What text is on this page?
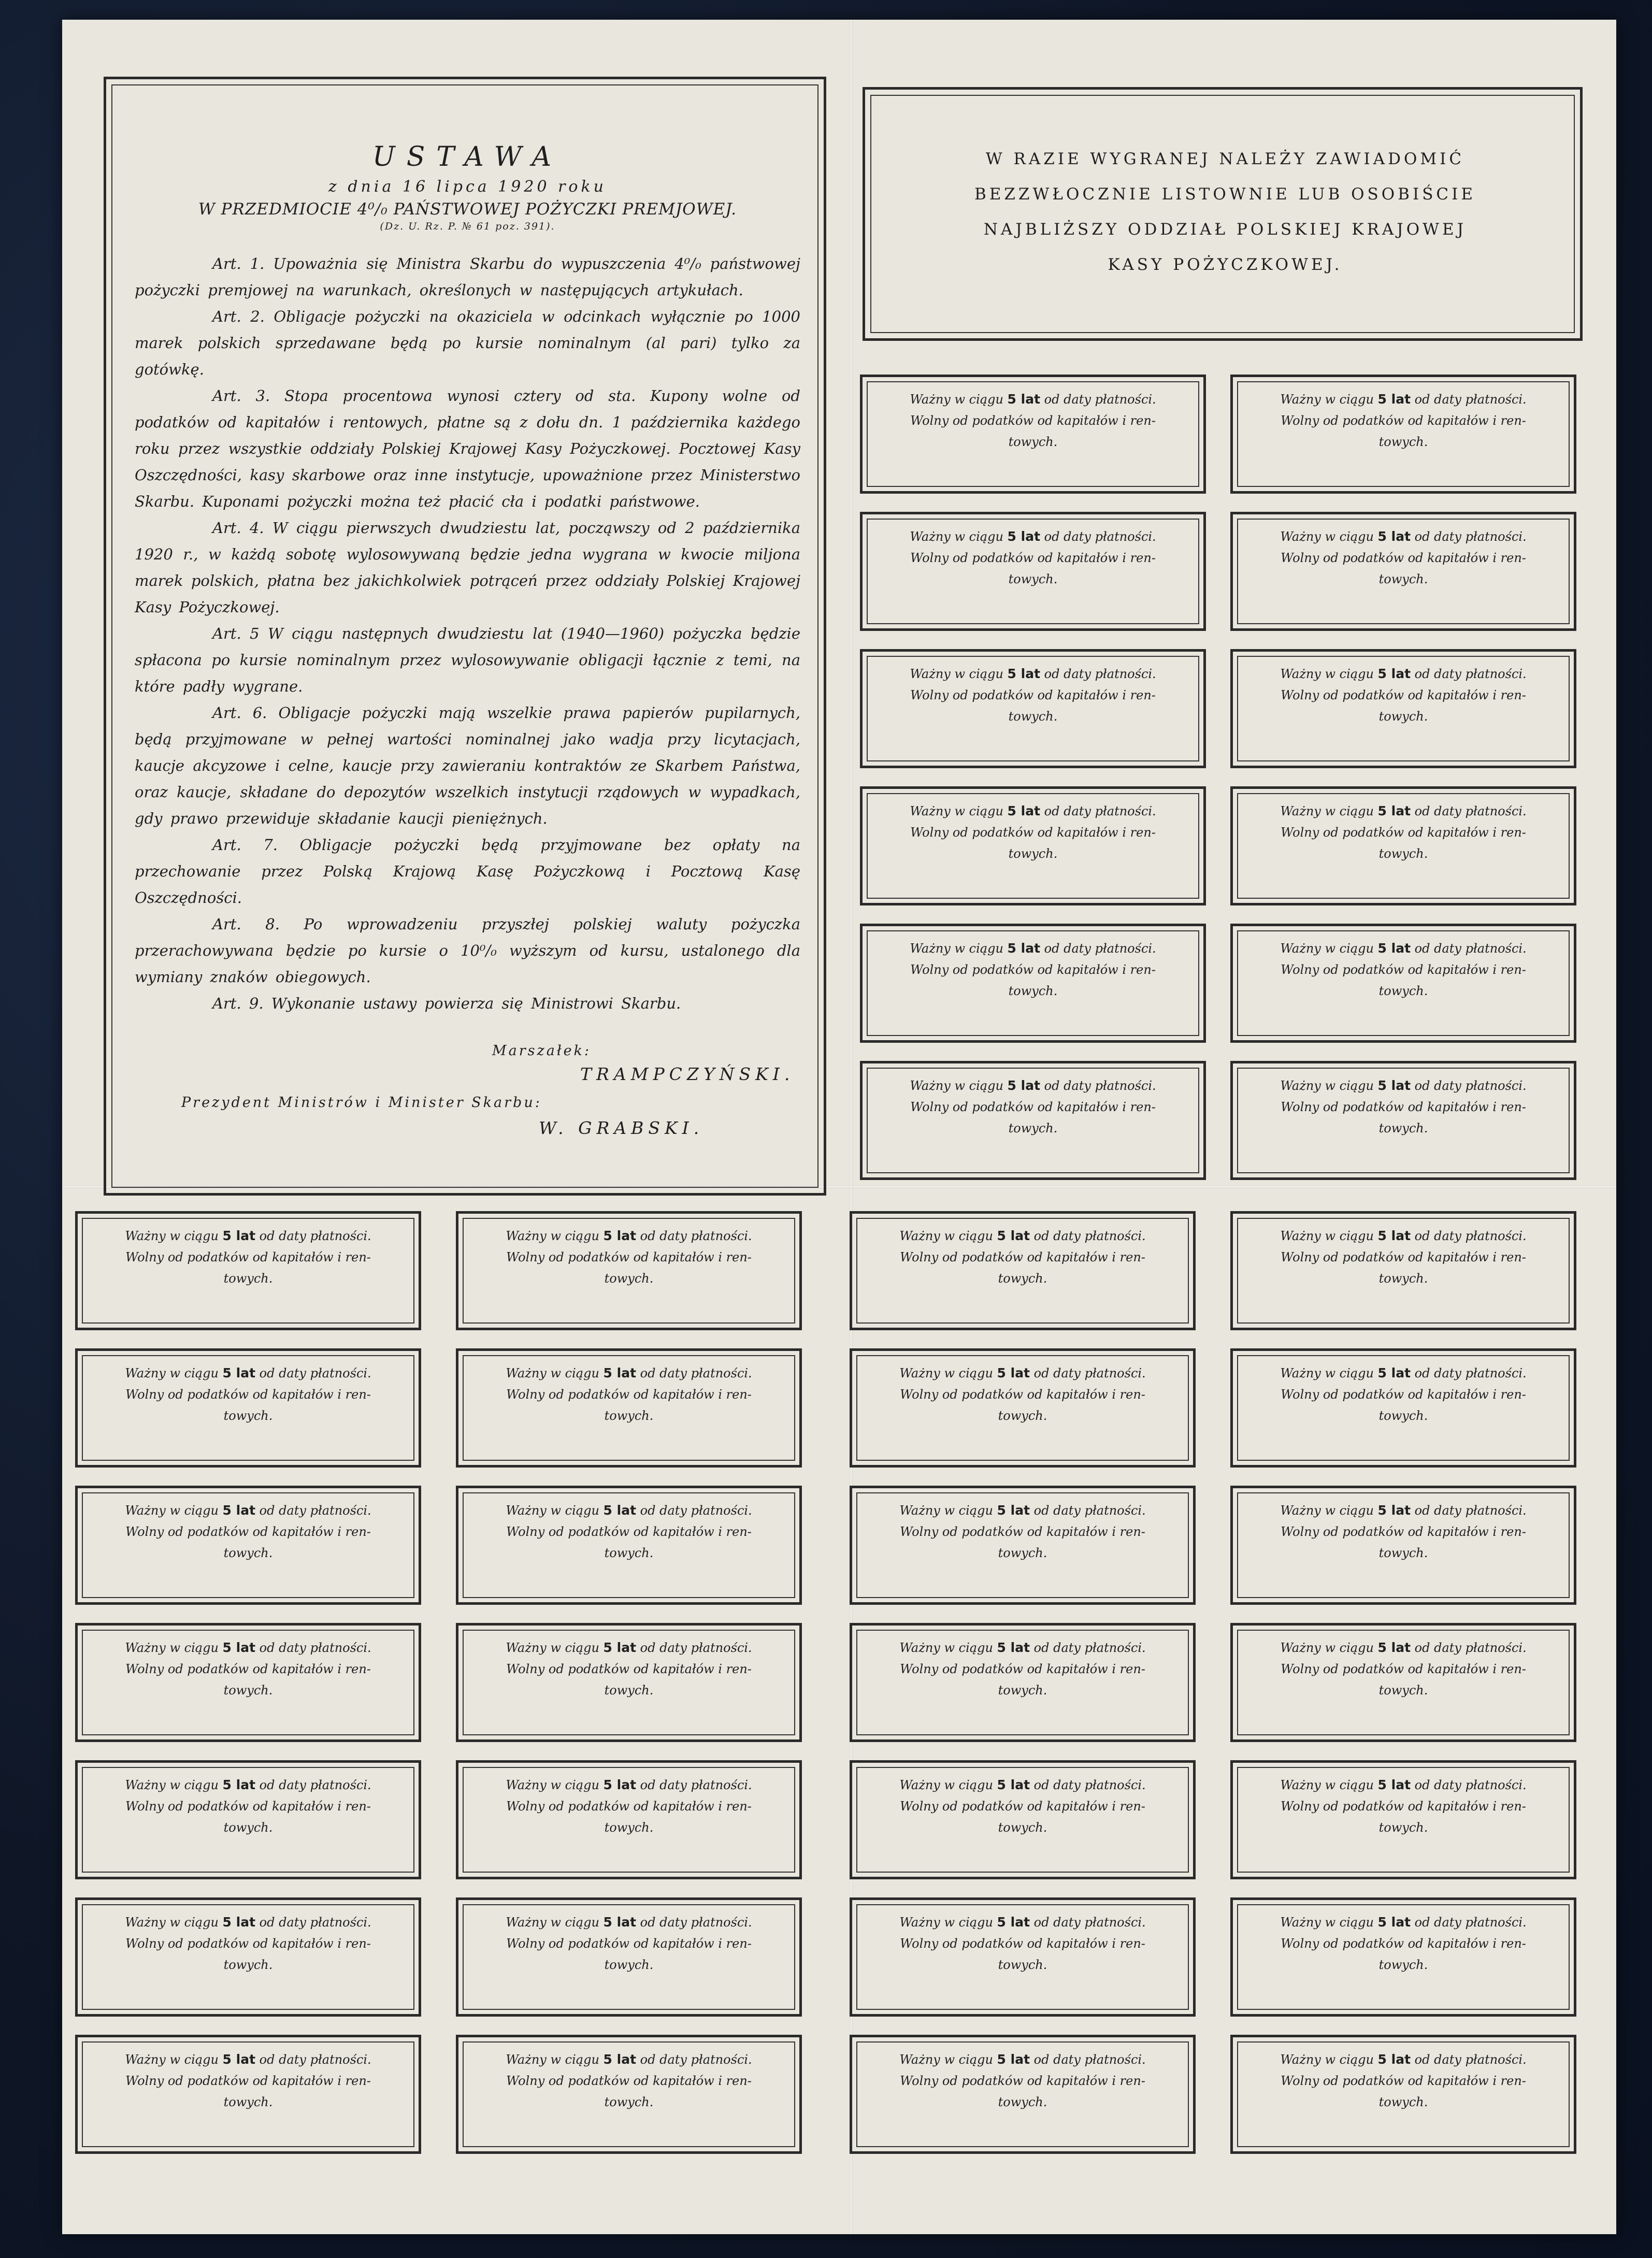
USTAWA

z dnia 16 lipca 1920 roku

W PRZEDMIOCIE 4⁰/₀ PAŃSTWOWEJ POŻYCZKI PREMJOWEJ.

(Dz. U. Rz. P. № 61 poz. 391).

Art. 1. Upoważnia się Ministra Skarbu do wypuszczenia 4⁰/₀ państwowej pożyczki premjowej na warunkach, określonych w następujących artykułach.

Art. 2. Obligacje pożyczki na okaziciela w odcinkach wyłącznie po 1000 marek polskich sprzedawane będą po kursie nominalnym (al pari) tylko za gotówkę.

Art. 3. Stopa procentowa wynosi cztery od sta. Kupony wolne od podatków od kapitałów i rentowych, płatne są z dołu dn. 1 października każdego roku przez wszystkie oddziały Polskiej Krajowej Kasy Pożyczkowej. Pocztowej Kasy Oszczędności, kasy skarbowe oraz inne instytucje, upoważnione przez Ministerstwo Skarbu. Kuponami pożyczki można też płacić cła i podatki państwowe.

Art. 4. W ciągu pierwszych dwudziestu lat, począwszy od 2 października 1920 r., w każdą sobotę wylosowywaną będzie jedna wygrana w kwocie miljona marek polskich, płatna bez jakichkolwiek potrąceń przez oddziały Polskiej Krajowej Kasy Pożyczkowej.

Art. 5 W ciągu następnych dwudziestu lat (1940—1960) pożyczka będzie spłacona po kursie nominalnym przez wylosowywanie obligacji łącznie z temi, na które padły wygrane.

Art. 6. Obligacje pożyczki mają wszelkie prawa papierów pupilarnych, będą przyjmowane w pełnej wartości nominalnej jako wadja przy licytacjach, kaucje akcyzowe i celne, kaucje przy zawieraniu kontraktów ze Skarbem Państwa, oraz kaucje, składane do depozytów wszelkich instytucji rządowych w wypadkach, gdy prawo przewiduje składanie kaucji pieniężnych.

Art. 7. Obligacje pożyczki będą przyjmowane bez opłaty na przechowanie przez Polską Krajową Kasę Pożyczkową i Pocztową Kasę Oszczędności.

Art. 8. Po wprowadzeniu przyszłej polskiej waluty pożyczka przerachowywana będzie po kursie o 10⁰/₀ wyższym od kursu, ustalonego dla wymiany znaków obiegowych.

Art. 9. Wykonanie ustawy powierza się Ministrowi Skarbu.

Marszałek:

TRAMPCZYŃSKI.

Prezydent Ministrów i Minister Skarbu:

W. GRABSKI.

W RAZIE WYGRANEJ NALEŻY ZAWIADOMIĆ
BEZZWŁOCZNIE LISTOWNIE LUB OSOBIŚCIE
NAJBLIŻSZY ODDZIAŁ POLSKIEJ KRAJOWEJ
KASY POŻYCZKOWEJ.
Ważny w ciągu 5 lat od daty płatności.
Wolny od podatków od kapitałów i ren-
towych.
Ważny w ciągu 5 lat od daty płatności.
Wolny od podatków od kapitałów i ren-
towych.
Ważny w ciągu 5 lat od daty płatności.
Wolny od podatków od kapitałów i ren-
towych.
Ważny w ciągu 5 lat od daty płatności.
Wolny od podatków od kapitałów i ren-
towych.
Ważny w ciągu 5 lat od daty płatności.
Wolny od podatków od kapitałów i ren-
towych.
Ważny w ciągu 5 lat od daty płatności.
Wolny od podatków od kapitałów i ren-
towych.
Ważny w ciągu 5 lat od daty płatności.
Wolny od podatków od kapitałów i ren-
towych.
Ważny w ciągu 5 lat od daty płatności.
Wolny od podatków od kapitałów i ren-
towych.
Ważny w ciągu 5 lat od daty płatności.
Wolny od podatków od kapitałów i ren-
towych.
Ważny w ciągu 5 lat od daty płatności.
Wolny od podatków od kapitałów i ren-
towych.
Ważny w ciągu 5 lat od daty płatności.
Wolny od podatków od kapitałów i ren-
towych.
Ważny w ciągu 5 lat od daty płatności.
Wolny od podatków od kapitałów i ren-
towych.
Ważny w ciągu 5 lat od daty płatności.
Wolny od podatków od kapitałów i ren-
towych.
Ważny w ciągu 5 lat od daty płatności.
Wolny od podatków od kapitałów i ren-
towych.
Ważny w ciągu 5 lat od daty płatności.
Wolny od podatków od kapitałów i ren-
towych.
Ważny w ciągu 5 lat od daty płatności.
Wolny od podatków od kapitałów i ren-
towych.
Ważny w ciągu 5 lat od daty płatności.
Wolny od podatków od kapitałów i ren-
towych.
Ważny w ciągu 5 lat od daty płatności.
Wolny od podatków od kapitałów i ren-
towych.
Ważny w ciągu 5 lat od daty płatności.
Wolny od podatków od kapitałów i ren-
towych.
Ważny w ciągu 5 lat od daty płatności.
Wolny od podatków od kapitałów i ren-
towych.
Ważny w ciągu 5 lat od daty płatności.
Wolny od podatków od kapitałów i ren-
towych.
Ważny w ciągu 5 lat od daty płatności.
Wolny od podatków od kapitałów i ren-
towych.
Ważny w ciągu 5 lat od daty płatności.
Wolny od podatków od kapitałów i ren-
towych.
Ważny w ciągu 5 lat od daty płatności.
Wolny od podatków od kapitałów i ren-
towych.
Ważny w ciągu 5 lat od daty płatności.
Wolny od podatków od kapitałów i ren-
towych.
Ważny w ciągu 5 lat od daty płatności.
Wolny od podatków od kapitałów i ren-
towych.
Ważny w ciągu 5 lat od daty płatności.
Wolny od podatków od kapitałów i ren-
towych.
Ważny w ciągu 5 lat od daty płatności.
Wolny od podatków od kapitałów i ren-
towych.
Ważny w ciągu 5 lat od daty płatności.
Wolny od podatków od kapitałów i ren-
towych.
Ważny w ciągu 5 lat od daty płatności.
Wolny od podatków od kapitałów i ren-
towych.
Ważny w ciągu 5 lat od daty płatności.
Wolny od podatków od kapitałów i ren-
towych.
Ważny w ciągu 5 lat od daty płatności.
Wolny od podatków od kapitałów i ren-
towych.
Ważny w ciągu 5 lat od daty płatności.
Wolny od podatków od kapitałów i ren-
towych.
Ważny w ciągu 5 lat od daty płatności.
Wolny od podatków od kapitałów i ren-
towych.
Ważny w ciągu 5 lat od daty płatności.
Wolny od podatków od kapitałów i ren-
towych.
Ważny w ciągu 5 lat od daty płatności.
Wolny od podatków od kapitałów i ren-
towych.
Ważny w ciągu 5 lat od daty płatności.
Wolny od podatków od kapitałów i ren-
towych.
Ważny w ciągu 5 lat od daty płatności.
Wolny od podatków od kapitałów i ren-
towych.
Ważny w ciągu 5 lat od daty płatności.
Wolny od podatków od kapitałów i ren-
towych.
Ważny w ciągu 5 lat od daty płatności.
Wolny od podatków od kapitałów i ren-
towych.
